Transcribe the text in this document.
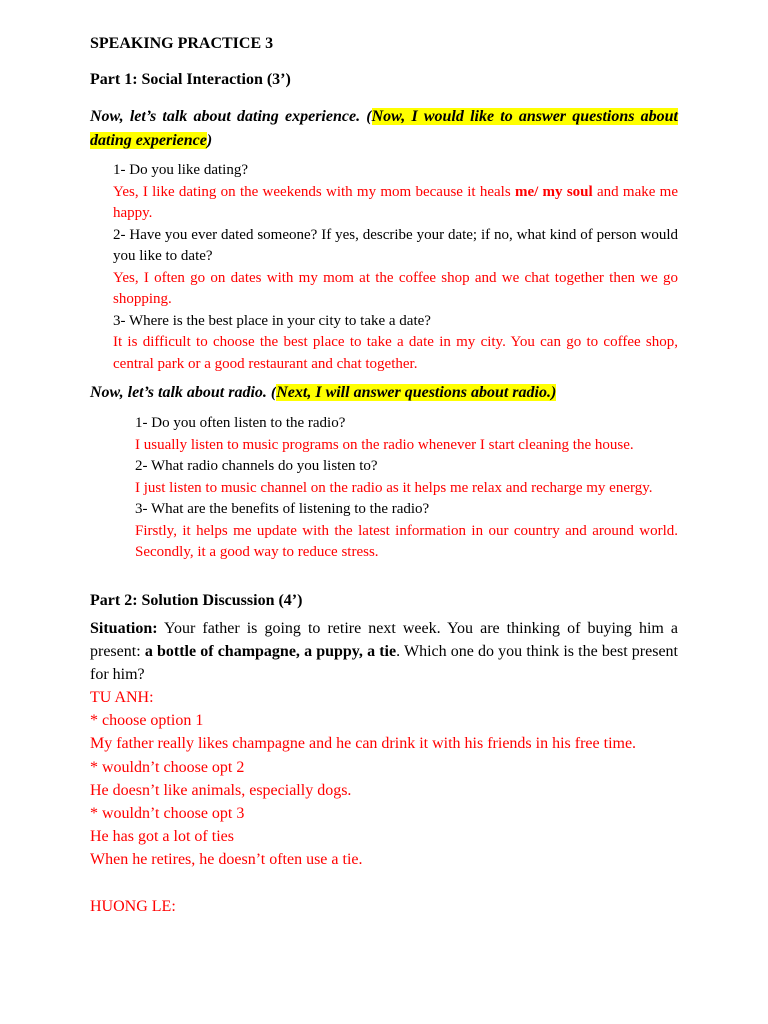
SPEAKING PRACTICE 3
Part 1: Social Interaction (3’)
Now, let’s talk about dating experience. (Now, I would like to answer questions about dating experience)
1- Do you like dating?
Yes, I like dating on the weekends with my mom because it heals me/ my soul and make me happy.
2- Have you ever dated someone? If yes, describe your date; if no, what kind of person would you like to date?
Yes, I often go on dates with my mom at the coffee shop and we chat together then we go shopping.
3- Where is the best place in your city to take a date?
It is difficult to choose the best place to take a date in my city. You can go to coffee shop, central park or a good restaurant and chat together.
Now, let’s talk about radio. (Next, I will answer questions about radio.)
1- Do you often listen to the radio?
I usually listen to music programs on the radio whenever I start cleaning the house.
2- What radio channels do you listen to?
I just listen to music channel on the radio as it helps me relax and recharge my energy.
3- What are the benefits of listening to the radio?
Firstly, it helps me update with the latest information in our country and around world. Secondly, it a good way to reduce stress.
Part 2: Solution Discussion (4’)
Situation: Your father is going to retire next week. You are thinking of buying him a present: a bottle of champagne, a puppy, a tie. Which one do you think is the best present for him?
TU ANH:
* choose option 1
My father really likes champagne and he can drink it with his friends in his free time.
* wouldn’t choose opt 2
He doesn’t like animals, especially dogs.
* wouldn’t choose opt 3
He has got a lot of ties
When he retires, he doesn’t often use a tie.
HUONG LE:
